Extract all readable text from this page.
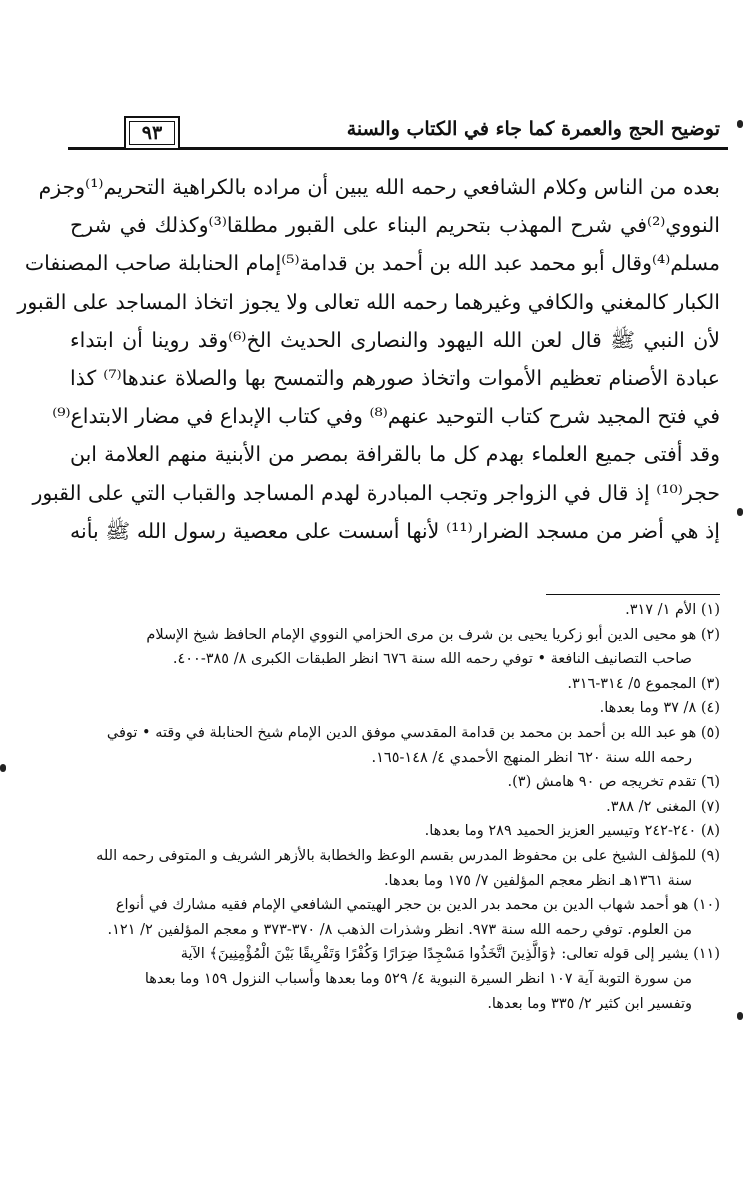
توضيح الحج والعمرة كما جاء في الكتاب والسنة
٩٣
بعده من الناس وكلام الشافعي رحمه الله يبين أن مراده بالكراهية التحريم⁽¹⁾وجزم
النووي⁽²⁾في شرح المهذب بتحريم البناء على القبور مطلقا⁽³⁾وكذلك في شرح
مسلم⁽⁴⁾وقال أبو محمد عبد الله بن أحمد بن قدامة⁽⁵⁾إمام الحنابلة صاحب المصنفات
الكبار كالمغني والكافي وغيرهما رحمه الله تعالى ولا يجوز اتخاذ المساجد على القبور
لأن النبي ﷺ قال لعن الله اليهود والنصارى الحديث الخ⁽⁶⁾وقد روينا أن ابتداء
عبادة الأصنام تعظيم الأموات واتخاذ صورهم والتمسح بها والصلاة عندها⁽⁷⁾ كذا
في فتح المجيد شرح كتاب التوحيد عنهم⁽⁸⁾ وفي كتاب الإبداع في مضار الابتداع⁽⁹⁾
وقد أفتى جميع العلماء بهدم كل ما بالقرافة بمصر من الأبنية منهم العلامة ابن
حجر⁽¹⁰⁾ إذ قال في الزواجر وتجب المبادرة لهدم المساجد والقباب التي على القبور
إذ هي أضر من مسجد الضرار⁽¹¹⁾ لأنها أسست على معصية رسول الله ﷺ بأنه
(١) الأم ١/ ٣١٧.
(٢) هو محيى الدين أبو زكريا يحيى بن شرف بن مرى الحزامي النووي الإمام الحافظ شيخ الإسلام
صاحب التصانيف النافعة • توفي رحمه الله سنة ٦٧٦ انظر الطبقات الكبرى ٨/ ٣٨٥-٤٠٠.
(٣) المجموع ٥/ ٣١٤-٣١٦.
(٤) ٨/ ٣٧ وما بعدها.
(٥) هو عبد الله بن أحمد بن محمد بن قدامة المقدسي موفق الدين الإمام شيخ الحنابلة في وقته • توفي
رحمه الله سنة ٦٢٠ انظر المنهج الأحمدي ٤/ ١٤٨-١٦٥.
(٦) تقدم تخريجه ص ٩٠ هامش (٣).
(٧) المغنى ٢/ ٣٨٨.
(٨) ٢٤٠-٢٤٢ وتيسير العزيز الحميد ٢٨٩ وما بعدها.
(٩) للمؤلف الشيخ على بن محفوظ المدرس بقسم الوعظ والخطابة بالأزهر الشريف و المتوفى رحمه الله
سنة ١٣٦١هـ انظر معجم المؤلفين ٧/ ١٧٥ وما بعدها.
(١٠) هو أحمد شهاب الدين بن محمد بدر الدين بن حجر الهيتمي الشافعي الإمام فقيه مشارك في أنواع
من العلوم. توفي رحمه الله سنة ٩٧٣. انظر وشذرات الذهب ٨/ ٣٧٠-٣٧٣ و معجم المؤلفين ٢/ ١٢١.
(١١) يشير إلى قوله تعالى: ﴿وَالَّذِينَ اتَّخَذُوا مَسْجِدًا ضِرَارًا وَكُفْرًا وَتَفْرِيقًا بَيْنَ الْمُؤْمِنِينَ﴾ الآية
من سورة التوبة آية ١٠٧ انظر السيرة النبوية ٤/ ٥٢٩ وما بعدها وأسباب النزول ١٥٩ وما بعدها
وتفسير ابن كثير ٢/ ٣٣٥ وما بعدها.
